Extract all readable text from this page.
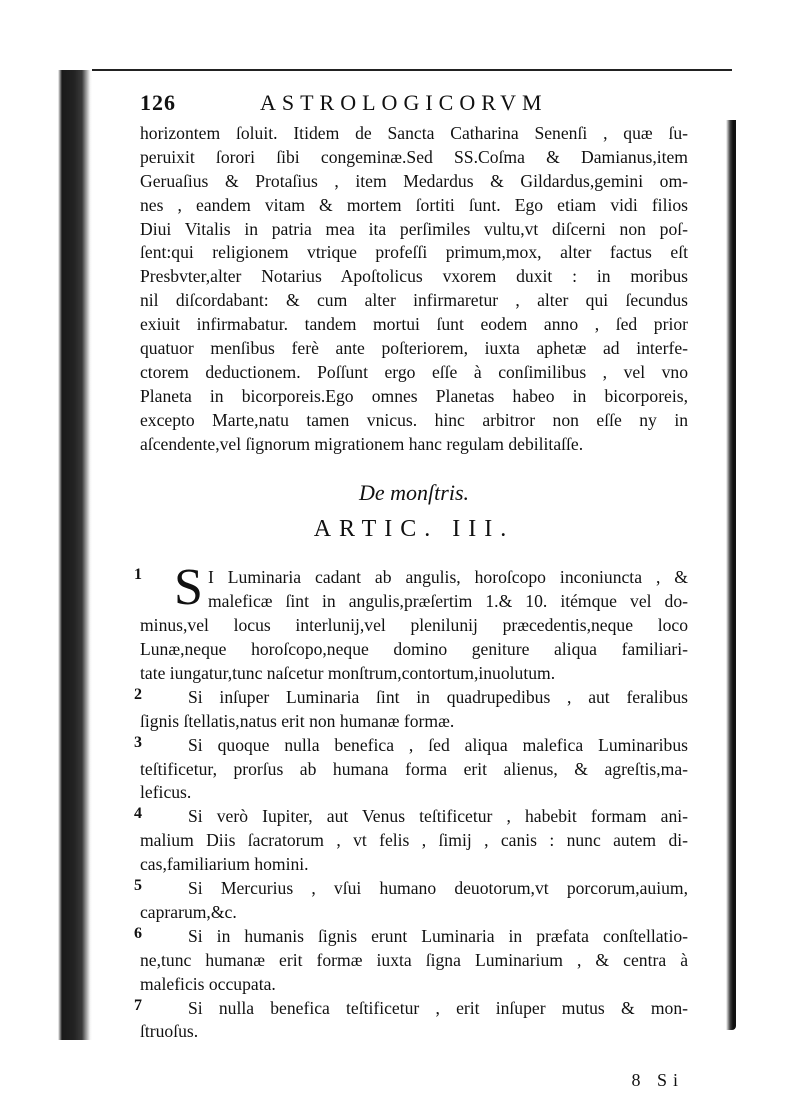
126	ASTROLOGICORVM
horizontem ſoluit. Itidem de Sancta Catharina Senenſi , quæ ſu-
peruixit ſorori ſibi congeminæ.Sed SS.Coſma & Damianus,item
Geruaſius & Protaſius , item Medardus & Gildardus,gemini om-
nes , eandem vitam & mortem ſortiti ſunt. Ego etiam vidi filios
Diui Vitalis in patria mea ita perſimiles vultu,vt diſcerni non poſ-
ſent:qui religionem vtrique profeſſi primum,mox, alter factus eſt
Presbvter,alter Notarius Apoſtolicus vxorem duxit : in moribus
nil diſcordabant: & cum alter infirmaretur , alter qui ſecundus
exiuit infirmabatur. tandem mortui ſunt eodem anno , ſed prior
quatuor menſibus ferè ante poſteriorem, iuxta aphetæ ad interfe-
ctorem deductionem. Poſſunt ergo eſſe à conſimilibus , vel vno
Planeta in bicorporeis.Ego omnes Planetas habeo in bicorporeis,
excepto Marte,natu tamen vnicus. hinc arbitror non eſſe ny in
aſcendente,vel ſignorum migrationem hanc regulam debilitaſſe.
De monſtris.
ARTIC. III.
1 S I Luminaria cadant ab angulis, horoſcopo inconiuncta , &
maleficæ ſint in angulis,præſertim 1.& 10. itémque vel do-
minus,vel locus interlunij,vel plenilunij præcedentis,neque loco
Lunæ,neque horoſcopo,neque domino geniture aliqua familiari-
tate iungatur,tunc naſcetur monſtrum,contortum,inuolutum.
2	Si inſuper Luminaria ſint in quadrupedibus , aut feralibus
ſignis ſtellatis,natus erit non humanæ formæ.
3	Si quoque nulla benefica , ſed aliqua malefica Luminaribus
teſtificetur, prorſus ab humana forma erit alienus, & agreſtis,ma-
leficus.
4	Si verò Iupiter, aut Venus teſtificetur , habebit formam ani-
malium Diis ſacratorum , vt felis , ſimij , canis : nunc autem di-
cas,familiarium homini.
5	Si Mercurius , vſui humano deuotorum,vt porcorum,auium,
caprarum,&c.
6	Si in humanis ſignis erunt Luminaria in præfata conſtellatio-
ne,tunc humanæ erit formæ iuxta ſigna Luminarium , & centra à
maleficis occupata.
7	Si nulla benefica teſtificetur , erit inſuper mutus & mon-
ſtruoſus.
8 Si
